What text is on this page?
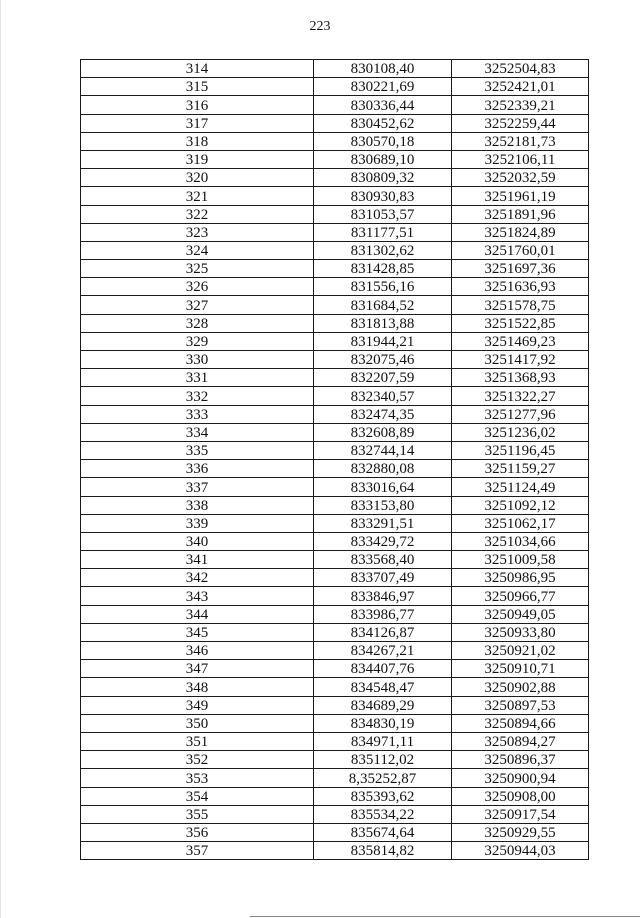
223
314	830108,40	3252504,83
315	830221,69	3252421,01
316	830336,44	3252339,21
317	830452,62	3252259,44
318	830570,18	3252181,73
319	830689,10	3252106,11
320	830809,32	3252032,59
321	830930,83	3251961,19
322	831053,57	3251891,96
323	831177,51	3251824,89
324	831302,62	3251760,01
325	831428,85	3251697,36
326	831556,16	3251636,93
327	831684,52	3251578,75
328	831813,88	3251522,85
329	831944,21	3251469,23
330	832075,46	3251417,92
331	832207,59	3251368,93
332	832340,57	3251322,27
333	832474,35	3251277,96
334	832608,89	3251236,02
335	832744,14	3251196,45
336	832880,08	3251159,27
337	833016,64	3251124,49
338	833153,80	3251092,12
339	833291,51	3251062,17
340	833429,72	3251034,66
341	833568,40	3251009,58
342	833707,49	3250986,95
343	833846,97	3250966,77
344	833986,77	3250949,05
345	834126,87	3250933,80
346	834267,21	3250921,02
347	834407,76	3250910,71
348	834548,47	3250902,88
349	834689,29	3250897,53
350	834830,19	3250894,66
351	834971,11	3250894,27
352	835112,02	3250896,37
353	8,35252,87	3250900,94
354	835393,62	3250908,00
355	835534,22	3250917,54
356	835674,64	3250929,55
357	835814,82	3250944,03
